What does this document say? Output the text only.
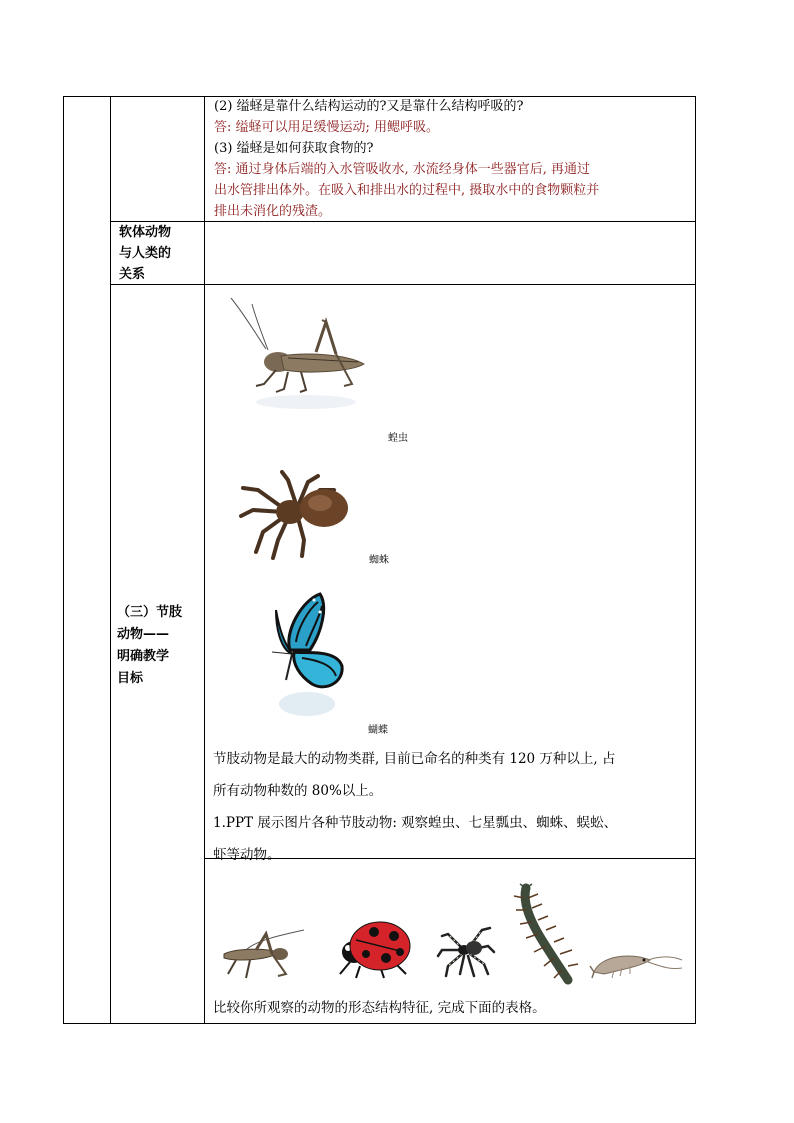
(2) 缢蛏是靠什么结构运动的?又是靠什么结构呼吸的?
答: 缢蛏可以用足缓慢运动; 用鳃呼吸。
(3) 缢蛏是如何获取食物的?
答: 通过身体后端的入水管吸收水, 水流经身体一些器官后, 再通过
出水管排出体外。在吸入和排出水的过程中, 摄取水中的食物颗粒并
排出未消化的残渣。
软体动物
与人类的
关系
（三）节肢
动物——
明确教学
目标
蝗虫
蜘蛛
蝴蝶
节肢动物是最大的动物类群, 目前已命名的种类有 120 万种以上, 占
所有动物种数的 80%以上。
1.PPT 展示图片各种节肢动物: 观察蝗虫、七星瓢虫、蜘蛛、蜈蚣、
虾等动物。
比较你所观察的动物的形态结构特征, 完成下面的表格。
